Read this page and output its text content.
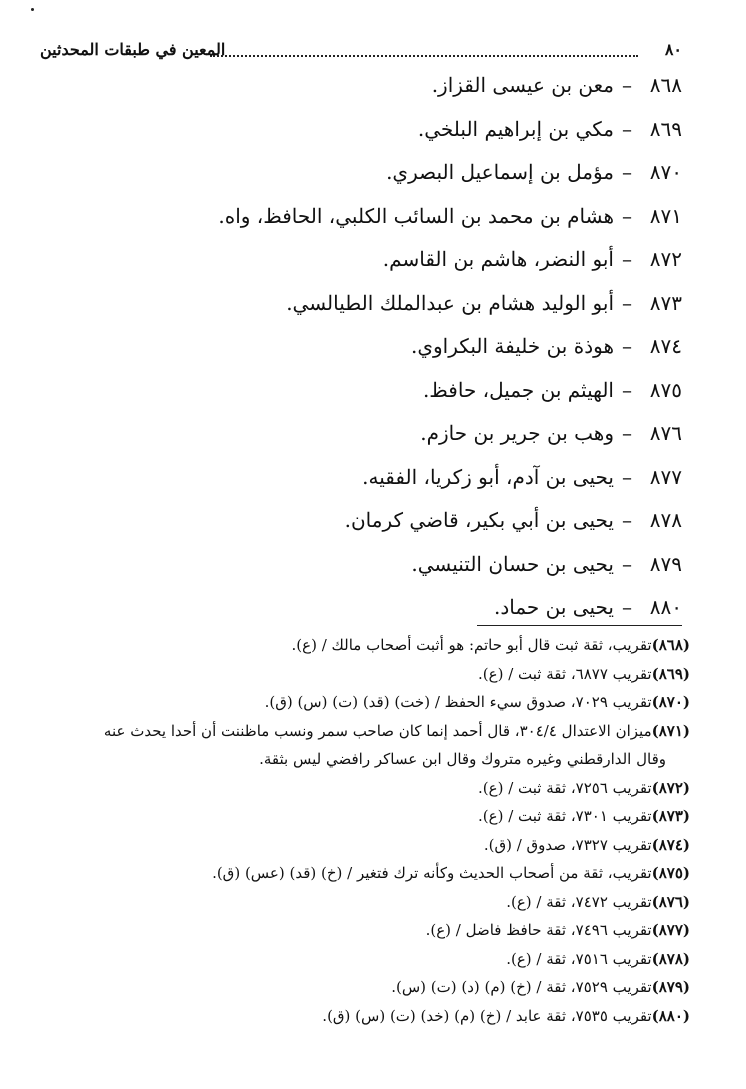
٨٠
المعين في طبقات المحدثين
٨٦٨–معن بن عيسى القزاز.
٨٦٩–مكي بن إبراهيم البلخي.
٨٧٠–مؤمل بن إسماعيل البصري.
٨٧١–هشام بن محمد بن السائب الكلبي، الحافظ، واه.
٨٧٢–أبو النضر، هاشم بن القاسم.
٨٧٣–أبو الوليد هشام بن عبدالملك الطيالسي.
٨٧٤–هوذة بن خليفة البكراوي.
٨٧٥–الهيثم بن جميل، حافظ.
٨٧٦–وهب بن جرير بن حازم.
٨٧٧–يحيى بن آدم، أبو زكريا، الفقيه.
٨٧٨–يحيى بن أبي بكير، قاضي كرمان.
٨٧٩–يحيى بن حسان التنيسي.
٨٨٠–يحيى بن حماد.
(٨٦٨)تقريب، ثقة ثبت قال أبو حاتم: هو أثبت أصحاب مالك / (ع).
(٨٦٩)تقريب ٦٨٧٧، ثقة ثبت / (ع).
(٨٧٠)تقريب ٧٠٢٩، صدوق سيء الحفظ / (خت) (قد) (ت) (س) (ق).
(٨٧١)ميزان الاعتدال ٣٠٤/٤، قال أحمد إنما كان صاحب سمر ونسب ماظننت أن أحدا يحدث عنه
وقال الدارقطني وغيره متروك وقال ابن عساكر رافضي ليس بثقة.
(٨٧٢)تقريب ٧٢٥٦، ثقة ثبت / (ع).
(٨٧٣)تقريب ٧٣٠١، ثقة ثبت / (ع).
(٨٧٤)تقريب ٧٣٢٧، صدوق / (ق).
(٨٧٥)تقريب، ثقة من أصحاب الحديث وكأنه ترك فتغير / (خ) (قد) (عس) (ق).
(٨٧٦)تقريب ٧٤٧٢، ثقة / (ع).
(٨٧٧)تقريب ٧٤٩٦، ثقة حافظ فاضل / (ع).
(٨٧٨)تقريب ٧٥١٦، ثقة / (ع).
(٨٧٩)تقريب ٧٥٢٩، ثقة / (خ) (م) (د) (ت) (س).
(٨٨٠)تقريب ٧٥٣٥، ثقة عابد / (خ) (م) (خد) (ت) (س) (ق).
